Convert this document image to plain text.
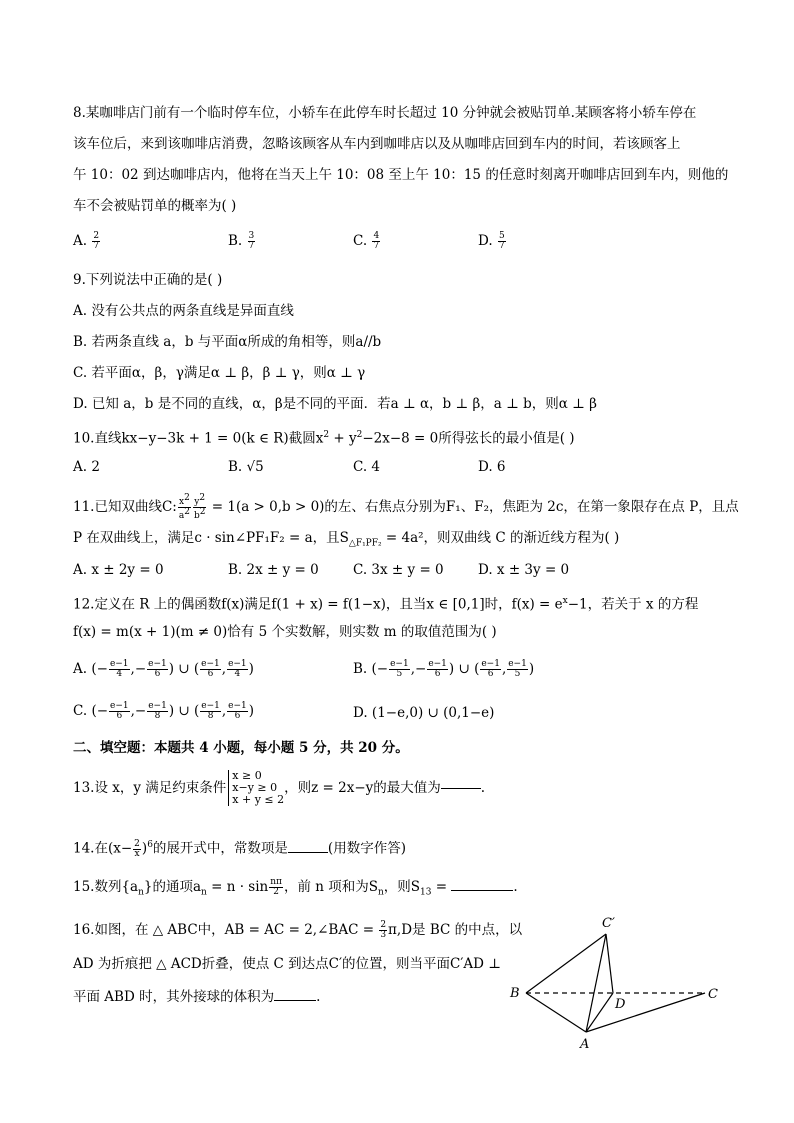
8.某咖啡店门前有一个临时停车位，小轿车在此停车时长超过 10 分钟就会被贴罚单.某顾客将小轿车停在
该车位后，来到该咖啡店消费，忽略该顾客从车内到咖啡店以及从咖啡店回到车内的时间，若该顾客上
午 10：02 到达咖啡店内，他将在当天上午 10：08 至上午 10：15 的任意时刻离开咖啡店回到车内，则他的
车不会被贴罚单的概率为( )
A. $\frac{2}{7}$	B. $\frac{3}{7}$	C. $\frac{4}{7}$	D. $\frac{5}{7}$
9.下列说法中正确的是( )
A. 没有公共点的两条直线是异面直线
B. 若两条直线 a，b 与平面α所成的角相等，则a//b
C. 若平面α，β，γ满足α ⊥ β，β ⊥ γ，则α ⊥ γ
D. 已知 a，b 是不同的直线，α，β是不同的平面．若a ⊥ α，b ⊥ β，a ⊥ b，则α ⊥ β
10.直线kx−y−3k + 1 = 0(k ∈ R)截圆$x^2 + y^2-2x-8 = 0$所得弦长的最小值是( )
A. 2	B. √5	C. 4	D. 6
11.已知双曲线C: $\frac{x^2}{a^2} \frac{y^2}{b^2} = 1(a > 0,b > 0)$的左、右焦点分别为F₁、F₂，焦距为 2c，在第一象限存在点 P，且点
P 在双曲线上，满足c · sin∠PF₁F₂ = a，且$S_{\triangle F_1PF_2} = 4a^2$，则双曲线 C 的渐近线方程为( )
A. x ± 2y = 0	B. 2x ± y = 0	C. 3x ± y = 0	D. x ± 3y = 0
12.定义在 R 上的偶函数f(x)满足f(1 + x) = f(1−x)，且当x ∈ [0,1]时，$f(x) = e^x-1$，若关于 x 的方程
f(x) = m(x + 1)(m ≠ 0)恰有 5 个实数解，则实数 m 的取值范围为( )
A. (− $\frac{e-1}{4}$ ,− $\frac{e-1}{6}$ ) ∪ ( $\frac{e-1}{6}$ , $\frac{e-1}{4}$ )	B. (− $\frac{e-1}{5}$ ,− $\frac{e-1}{6}$ ) ∪ ( $\frac{e-1}{6}$ , $\frac{e-1}{5}$ )
C. (− $\frac{e-1}{6}$ ,− $\frac{e-1}{8}$ ) ∪ ( $\frac{e-1}{8}$ , $\frac{e-1}{6}$ )	D. (1−e,0) ∪ (0,1−e)
二、填空题：本题共 4 小题，每小题 5 分，共 20 分。
13.设 x，y 满足约束条件
x ≥ 0
x−y ≥ 0
x + y ≤ 2
，则z = 2x−y的最大值为	.
14.在$(x- \frac{2}{x} )^6$的展开式中，常数项是	(用数字作答)
15.数列$\{a_n\}$的通项$a_n = n \cdot \sin \frac{n\pi}{2}$ ，前 n 项和为$S_n$，则$S_{13}$ =	.
16.如图，在 △ ABC中，AB = AC = 2,∠BAC = $\frac{2}{3} \pi,D$是 BC 的中点，以
AD 为折痕把 △ ACD折叠，使点 C 到达点C′的位置，则当平面C′AD ⊥
平面 ABD 时，其外接球的体积为	.
C′
B
D
C
A
